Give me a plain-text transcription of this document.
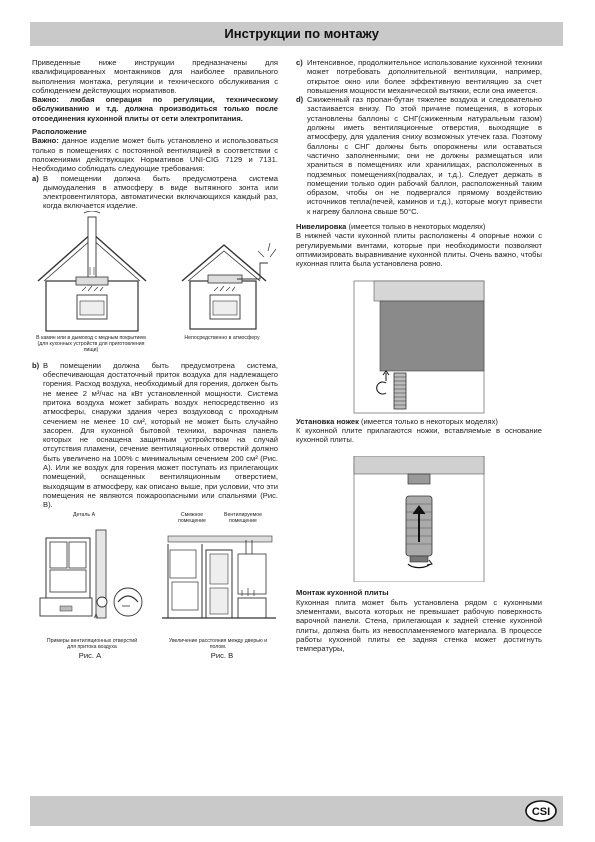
Инструкции по монтажу

Приведенные ниже инструкции предназначены для квалифицированных монтажников для наиболее правильного выполнения монтажа, регуляции и технического обслуживания с соблюдением действующих нормативов.

Важно: любая операция по регуляции, техническому обслуживанию и т.д. должна производиться только после отсоединения кухонной плиты от сети электропитания.

Расположение

Важно: данное изделие может быть установлено и использоваться только в помещениях с постоянной вентиляцией в соответствии с положениями действующих Нормативов UNI-CIG 7129 и 7131. Необходимо соблюдать следующие требования:

a) В помещении должна быть предусмотрена система дымоудаления в атмосферу в виде вытяжного зонта или электровентилятора, автоматически включающихся каждый раз, когда включается изделие.
В камин или в дымоход с медным покрытием (для кухонных устройств для приготовления пищи)
Непосредственно в атмосферу
b) В помещении должна быть предусмотрена система, обеспечивающая достаточный приток воздуха для надлежащего горения. Расход воздуха, необходимый для горения, должен быть не менее 2 м³/час на кВт установленной мощности. Система притока воздуха может забирать воздух непосредственно из атмосферы, снаружи здания через воздуховод с проходным сечением не менее 10 см², который не может быть случайно засорен. Для кухонной бытовой техники, варочная панель которых не оснащена защитным устройством на случай отсутствия пламени, сечение вентиляционных отверстий должно быть увеличено на 100% с минимальным сечением 200 см² (Рис. А). Или же воздух для горения может поступать из прилегающих помещений, оснащенных вентиляционным отверстием, выходящим в атмосферу, как описано выше, при условии, что эти помещения не являются пожароопасными или спальнями (Рис. В).
Деталь А	Смежное помещение
Вентилируемое помещение
A
Примеры вентиляционных отверстий для притока воздуха
Рис. А
Увеличение расстояния между дверью и полом.
Рис. В
c) Интенсивное, продолжительное использование кухонной техники может потребовать дополнительной вентиляции, например, открытое окно или более эффективную вентиляцию за счет повышения мощности механической вытяжки, если она имеется.
d) Сжиженный газ пропан-бутан тяжелее воздуха и следовательно застаивается внизу. По этой причине помещения, в которых установлены баллоны с СНГ(сжиженным натуральным газом) должны иметь вентиляционные отверстия, выходящие в атмосферу, для удаления сниху возможных утечек газа. Поэтому баллоны с СНГ должны быть опорожнены или оставаться частично заполненными; они не должны размещаться или храниться в помещениях или хранилищах, расположенных в подземных помещениях(подвалах, и т.д.). Следует держать в помещении только один рабочий баллон, расположенный таким образом, чтобы он не подвергался прямому воздействию источников тепла(печей, каминов и т.д.), которые могут привести к нагреву баллона свыше 50°С.

Нивелировка (имеется только в некоторых моделях)

В нижней части кухонной плиты расположены 4 опорные ножки с регулируемыми винтами, которые при необходимости позволяют оптимизировать выравнивание кухонной плиты. Очень важно, чтобы кухонная плита была установлена ровно.

Установка ножек (имеется только в некоторых моделях)

К кухонной плите прилагаются ножки, вставляемые в основание кухонной плиты.

Монтаж кухонной плиты

Кухонная плита может быть установлена рядом с кухонными элементами, высота которых не превышает рабочую поверхность варочной панели. Стена, прилегающая к задней стенке кухонной плиты, должна быть из невоспламеняемого материала. В процессе работы кухонной плиты ее задняя стенка может достигнуть температуры,

CSI
